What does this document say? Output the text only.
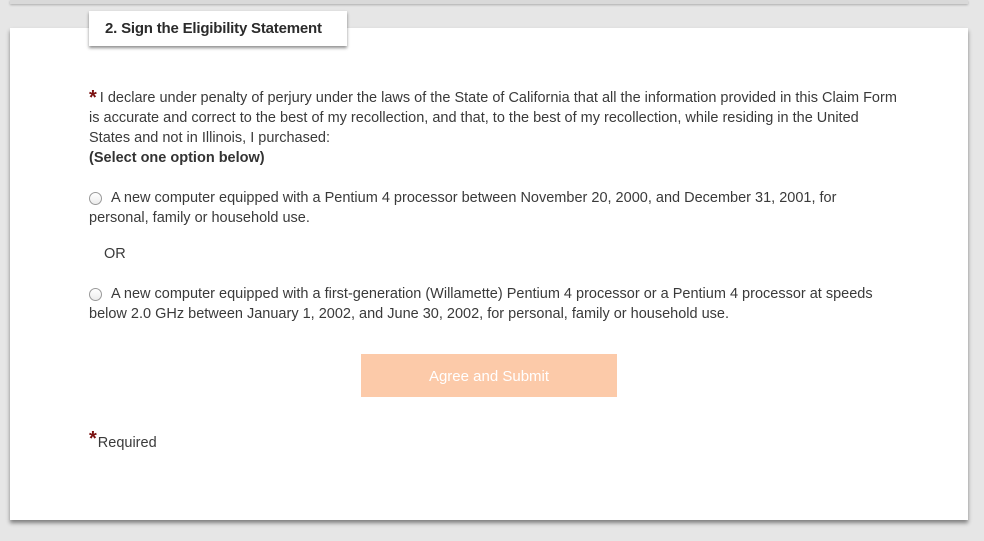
2. Sign the Eligibility Statement
* I declare under penalty of perjury under the laws of the State of California that all the information provided in this Claim Form is accurate and correct to the best of my recollection, and that, to the best of my recollection, while residing in the United States and not in Illinois, I purchased:
(Select one option below)
A new computer equipped with a Pentium 4 processor between November 20, 2000, and December 31, 2001, for personal, family or household use.
OR
A new computer equipped with a first-generation (Willamette) Pentium 4 processor or a Pentium 4 processor at speeds below 2.0 GHz between January 1, 2002, and June 30, 2002, for personal, family or household use.
Agree and Submit
*Required
